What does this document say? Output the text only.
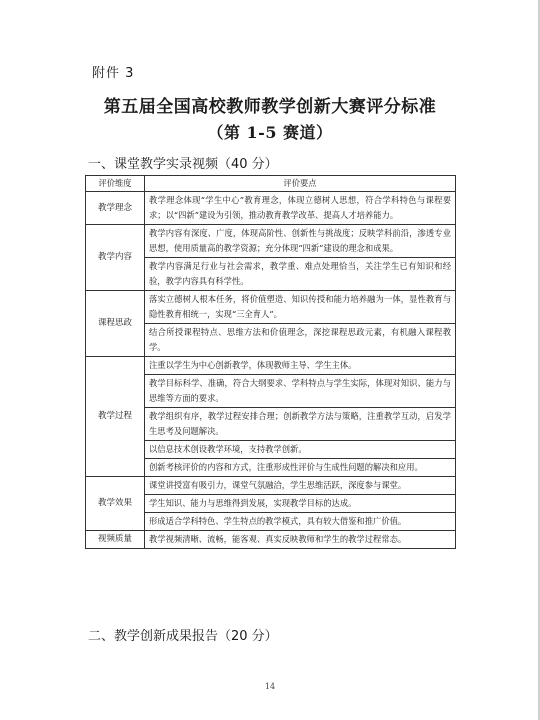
附件 3
第五届全国高校教师教学创新大赛评分标准
（第 1-5 赛道）
一、课堂教学实录视频（40 分）
评价维度	评价要点
教学理念	教学理念体现“学生中心”教育理念，体现立德树人思想，符合学科特色与课程要求；以“四新”建设为引领，推动教育教学改革、提高人才培养能力。
教学内容	教学内容有深度、广度，体现高阶性、创新性与挑战度；反映学科前沿，渗透专业思想，使用质量高的教学资源；充分体现“四新”建设的理念和成果。
	教学内容满足行业与社会需求，教学重、难点处理恰当，关注学生已有知识和经验，教学内容具有科学性。
课程思政	落实立德树人根本任务，将价值塑造、知识传授和能力培养融为一体，显性教育与隐性教育相统一，实现“三全育人”。
	结合所授课程特点、思维方法和价值理念，深挖课程思政元素，有机融入课程教学。
教学过程	注重以学生为中心创新教学，体现教师主导、学生主体。
	教学目标科学、准确，符合大纲要求、学科特点与学生实际，体现对知识、能力与思维等方面的要求。
	教学组织有序，教学过程安排合理；创新教学方法与策略，注重教学互动，启发学生思考及问题解决。
	以信息技术创设教学环境，支持教学创新。
	创新考核评价的内容和方式，注重形成性评价与生成性问题的解决和应用。
教学效果	课堂讲授富有吸引力，课堂气氛融洽，学生思维活跃，深度参与课堂。
	学生知识、能力与思维得到发展，实现教学目标的达成。
	形成适合学科特色、学生特点的教学模式，具有较大借鉴和推广价值。
视频质量	教学视频清晰、流畅，能客观、真实反映教师和学生的教学过程常态。
二、教学创新成果报告（20 分）
14
